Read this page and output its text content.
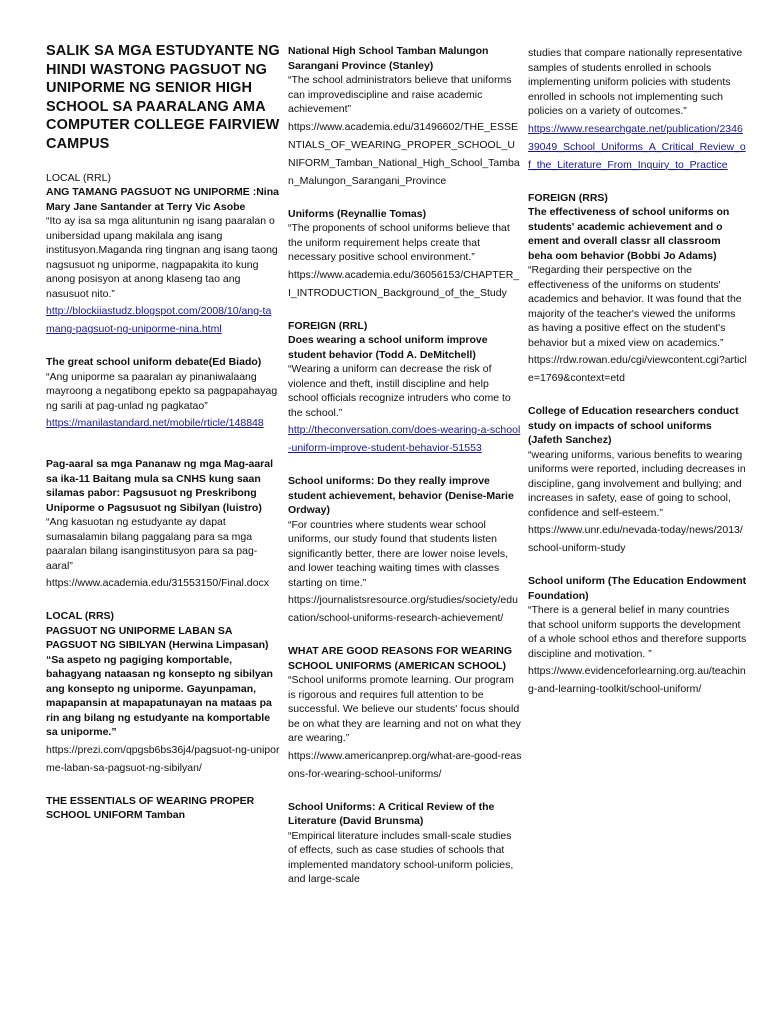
SALIK SA MGA ESTUDYANTE NG HINDI WASTONG PAGSUOT NG UNIPORME NG SENIOR HIGH SCHOOL SA PAARALANG AMA COMPUTER COLLEGE FAIRVIEW CAMPUS
LOCAL (RRL)
ANG TAMANG PAGSUOT NG UNIPORME :Nina Mary Jane Santander at Terry Vic Asobe
“Ito ay isa sa mga alituntunin ng isang paaralan o unibersidad upang makilala ang isang institusyon.Maganda ring tingnan ang isang taong nagsusuot ng uniporme, nagpapakita ito kung anong posisyon at anong klaseng tao ang nasusuot nito.”
http://blockiiastudz.blogspot.com/2008/10/ang-tamang-pagsuot-ng-uniporme-nina.html
The great school uniform debate(Ed Biado)
“Ang uniporme sa paaralan ay pinaniwalaang mayroong a negatibong epekto sa pagpapahayag ng sarili at pag-unlad ng pagkatao”
https://manilastandard.net/mobile/rticle/148848
Pag-aaral sa mga Pananaw ng mga Mag-aaral sa ika-11 Baitang mula sa CNHS kung saan silamas pabor: Pagsusuot ng Preskribong Uniporme o Pagsusuot ng Sibilyan (luistro)
“Ang kasuotan ng estudyante ay dapat sumasalamin bilang paggalang para sa mga paaralan bilang isanginstitusyon para sa pag-aaral”
https://www.academia.edu/31553150/Final.docx
LOCAL (RRS)
PAGSUOT NG UNIPORME LABAN SA PAGSUOT NG SIBILYAN (Herwina Limpasan)
“Sa aspeto ng pagiging komportable, bahagyang nataasan ng konsepto ng sibilyan ang konsepto ng uniporme. Gayunpaman, mapapansin at mapapatunayan na mataas pa rin ang bilang ng estudyante na komportable sa uniporme.”
https://prezi.com/qpgsb6bs36j4/pagsuot-ng-uniporme-laban-sa-pagsuot-ng-sibilyan/
THE ESSENTIALS OF WEARING PROPER SCHOOL UNIFORM Tamban
National High School Tamban Malungon Sarangani Province (Stanley)
“The school administrators believe that uniforms can improvediscipline and raise academic achievement”
https://www.academia.edu/31496602/THE_ESSENTIALS_OF_WEARING_PROPER_SCHOOL_UNIFORM_Tamban_National_High_School_Tamban_Malungon_Sarangani_Province
Uniforms (Reynallie Tomas)
“The proponents of school uniforms believe that the uniform requirement helps create that necessary positive school environment.”
https://www.academia.edu/36056153/CHAPTER_I_INTRODUCTION_Background_of_the_Study
FOREIGN (RRL)
Does wearing a school uniform improve student behavior (Todd A. DeMitchell)
“Wearing a uniform can decrease the risk of violence and theft, instill discipline and help school officials recognize intruders who come to the school.”
http://theconversation.com/does-wearing-a-school-uniform-improve-student-behavior-51553
School uniforms: Do they really improve student achievement, behavior (Denise-Marie Ordway)
“For countries where students wear school uniforms, our study found that students listen significantly better, there are lower noise levels, and lower teaching waiting times with classes starting on time.”
https://journalistsresource.org/studies/society/education/school-uniforms-research-achievement/
WHAT ARE GOOD REASONS FOR WEARING SCHOOL UNIFORMS (AMERICAN SCHOOL)
“School uniforms promote learning. Our program is rigorous and requires full attention to be successful. We believe our students' focus should be on what they are learning and not on what they are wearing.”
https://www.americanprep.org/what-are-good-reasons-for-wearing-school-uniforms/
School Uniforms: A Critical Review of the Literature (David Brunsma)
“Empirical literature includes small-scale studies of effects, such as case studies of schools that implemented mandatory school-uniform policies, and large-scale
studies that compare nationally representative samples of students enrolled in schools implementing uniform policies with students enrolled in schools not implementing such policies on a variety of outcomes.”
https://www.researchgate.net/publication/234639049_School_Uniforms_A_Critical_Review_of_the_Literature_From_Inquiry_to_Practice
FOREIGN (RRS)
The effectiveness of school uniforms on students' academic achievement and o ement and overall classr all classroom beha oom behavior (Bobbi Jo Adams)
“Regarding their perspective on the effectiveness of the uniforms on students' academics and behavior. It was found that the majority of the teacher's viewed the uniforms as having a positive effect on the student's behavior but a mixed view on academics.”
https://rdw.rowan.edu/cgi/viewcontent.cgi?article=1769&context=etd
College of Education researchers conduct study on impacts of school uniforms (Jafeth Sanchez)
“wearing uniforms, various benefits to wearing uniforms were reported, including decreases in discipline, gang involvement and bullying; and increases in safety, ease of going to school, confidence and self-esteem.”
https://www.unr.edu/nevada-today/news/2013/school-uniform-study
School uniform (The Education Endowment Foundation)
“There is a general belief in many countries that school uniform supports the development of a whole school ethos and therefore supports discipline and motivation. ”
https://www.evidenceforlearning.org.au/teaching-and-learning-toolkit/school-uniform/
